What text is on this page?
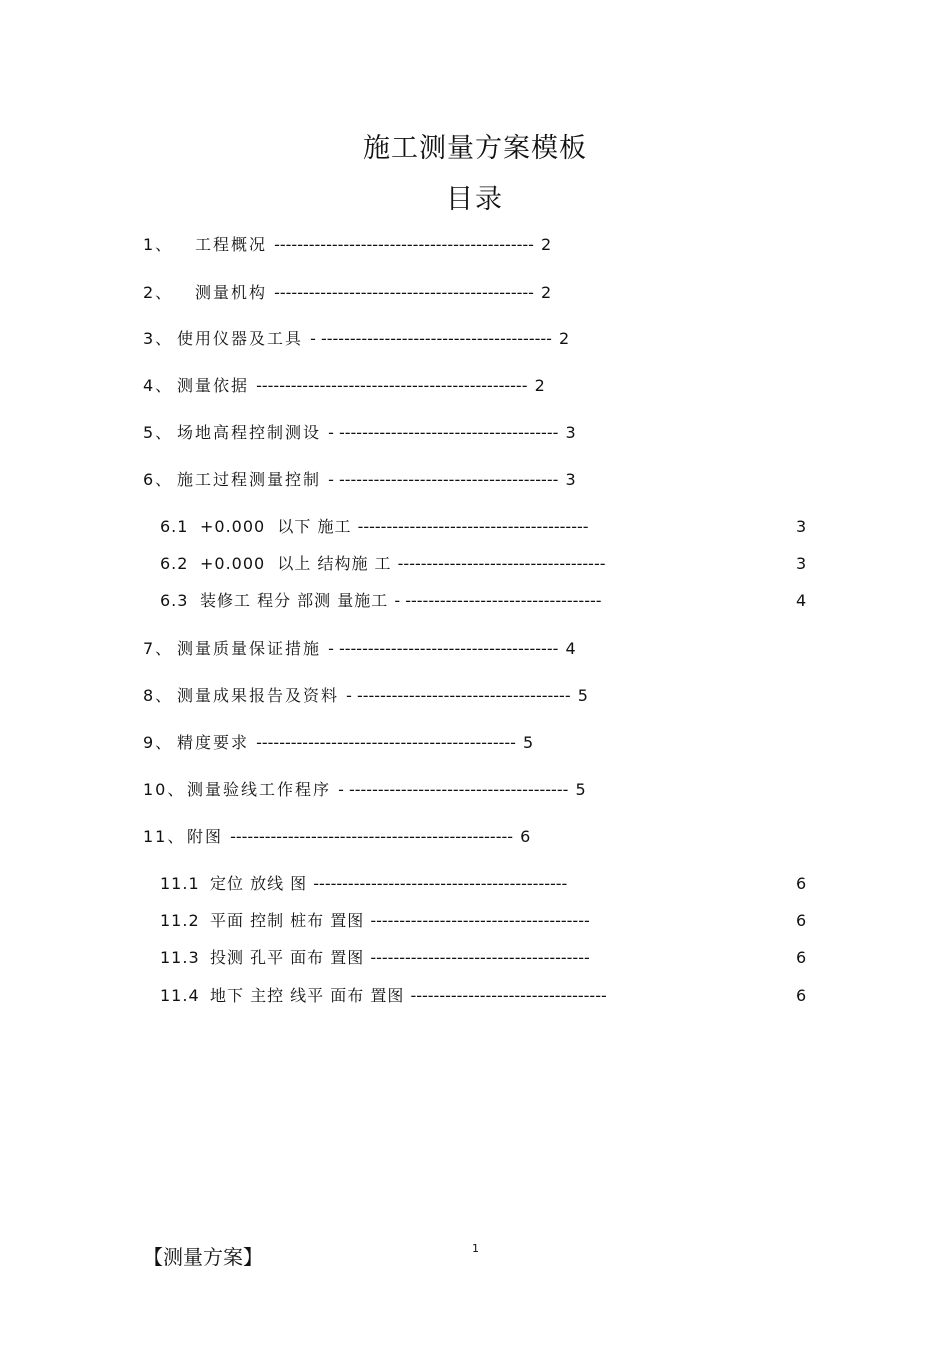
施工测量方案模板
目录
1、 工程概况 --------------------------------------------- 2
2、 测量机构 --------------------------------------------- 2
3、 使用仪器及工具 - ---------------------------------------- 2
4、 测量依据 ----------------------------------------------- 2
5、 场地高程控制测设 - -------------------------------------- 3
6、 施工过程测量控制 - -------------------------------------- 3
6.1 +0.000  以下 施工 ----------------------------------------	3
6.2 +0.000  以上 结构施 工 ------------------------------------	3
6.3 装修工 程分 部测 量施工 - ----------------------------------	4
7、 测量质量保证措施 - -------------------------------------- 4
8、 测量成果报告及资料 - ------------------------------------- 5
9、 精度要求 --------------------------------------------- 5
10、 测量验线工作程序 - -------------------------------------- 5
11、 附图 ------------------------------------------------- 6
11.1 定位 放线 图 --------------------------------------------	6
11.2 平面 控制 桩布 置图 --------------------------------------	6
11.3 投测 孔平 面布 置图 --------------------------------------	6
11.4 地下 主控 线平 面布 置图 ----------------------------------	6
【测量方案】	1
